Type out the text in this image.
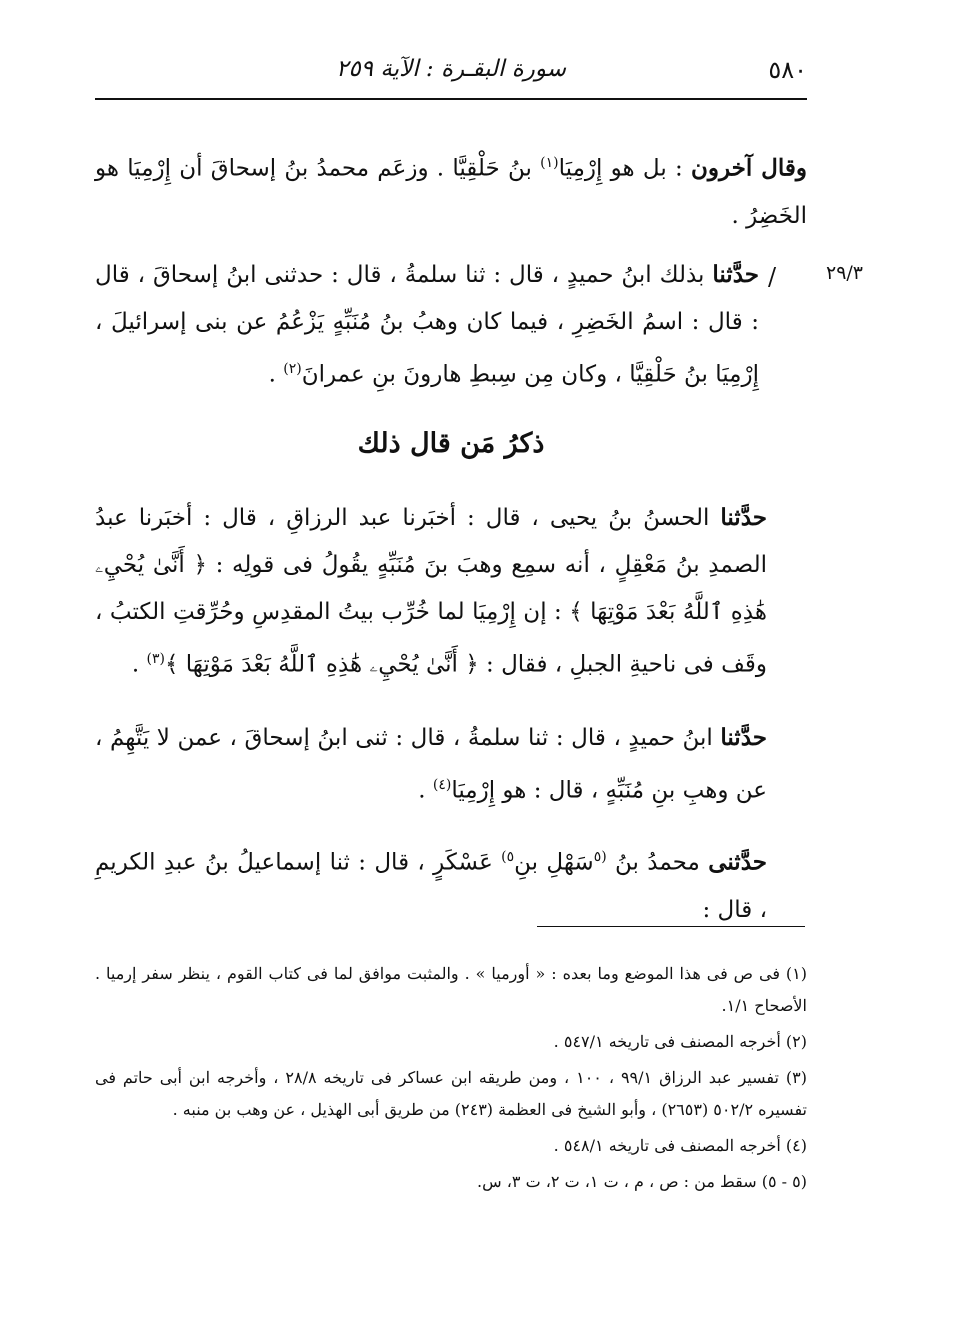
٥٨٠
سورة البقـرة : الآية ٢٥٩
٢٩/٣
/
وقال آخرون : بل هو إِرْمِيَا$^{(١)}$ بنُ حَلْقِيَّا . وزعَم محمدُ بنُ إسحاقَ أن إِرْمِيَا هو الخَضِرُ .
حدَّثنا بذلك ابنُ حميدٍ ، قال : ثنا سلمةُ ، قال : حدثنى ابنُ إسحاقَ ، قال : قال : اسمُ الخَضِرِ ، فيما كان وهبُ بنُ مُنَبِّهٍ يَزْعُمُ عن بنى إسرائيلَ ، إِرْمِيَا بنُ حَلْقِيَّا ، وكان مِن سِبطِ هارونَ بنِ عمرانَ$^{(٢)}$ .
ذكرُ مَن قال ذلك
حدَّثنا الحسنُ بنُ يحيى ، قال : أخبَرنا عبد الرزاقِ ، قال : أخبَرنا عبدُ الصمدِ بنُ مَعْقِلٍ ، أنه سمِع وهبَ بنَ مُنَبِّهٍ يقُولُ فى قولِه : ﴿ أَنَّىٰ يُحْيِۦ هَٰذِهِ ٱللَّهُ بَعْدَ مَوْتِهَا ﴾ : إن إِرْمِيَا لما خُرِّب بيتُ المقدِسِ وحُرِّقتِ الكتبُ ، وقَف فى ناحيةِ الجبلِ ، فقال : ﴿ أَنَّىٰ يُحْيِۦ هَٰذِهِ ٱللَّهُ بَعْدَ مَوْتِهَا ﴾$^{(٣)}$ .
حدَّثنا ابنُ حميدٍ ، قال : ثنا سلمةُ ، قال : ثنى ابنُ إسحاقَ ، عمن لا يَتَّهِمُ ، عن وهبِ بنِ مُنَبِّهٍ ، قال : هو إِرْمِيَا$^{(٤)}$ .
حدَّثنى محمدُ بنُ $^{(٥}$سَهْلِ بنِ$^{٥)}$ عَسْكَرٍ ، قال : ثنا إسماعيلُ بنُ عبدِ الكريمِ ، قال :
(١) فى ص فى هذا الموضع وما بعده : « أورميا » . والمثبت موافق لما فى كتاب القوم ، ينظر سفر إرميا . الأصحاح ١/١.
(٢) أخرجه المصنف فى تاريخه ٥٤٧/١ .
(٣) تفسير عبد الرزاق ٩٩/١ ، ١٠٠ ، ومن طريقه ابن عساكر فى تاريخه ٢٨/٨ ، وأخرجه ابن أبى حاتم فى تفسيره ٥٠٢/٢ (٢٦٥٣) ، وأبو الشيخ فى العظمة (٢٤٣) من طريق أبى الهذيل ، عن وهب بن منبه .
(٤) أخرجه المصنف فى تاريخه ٥٤٨/١ .
(٥ - ٥) سقط من : ص ، م ، ت ١، ت ٢، ت ٣، س.
